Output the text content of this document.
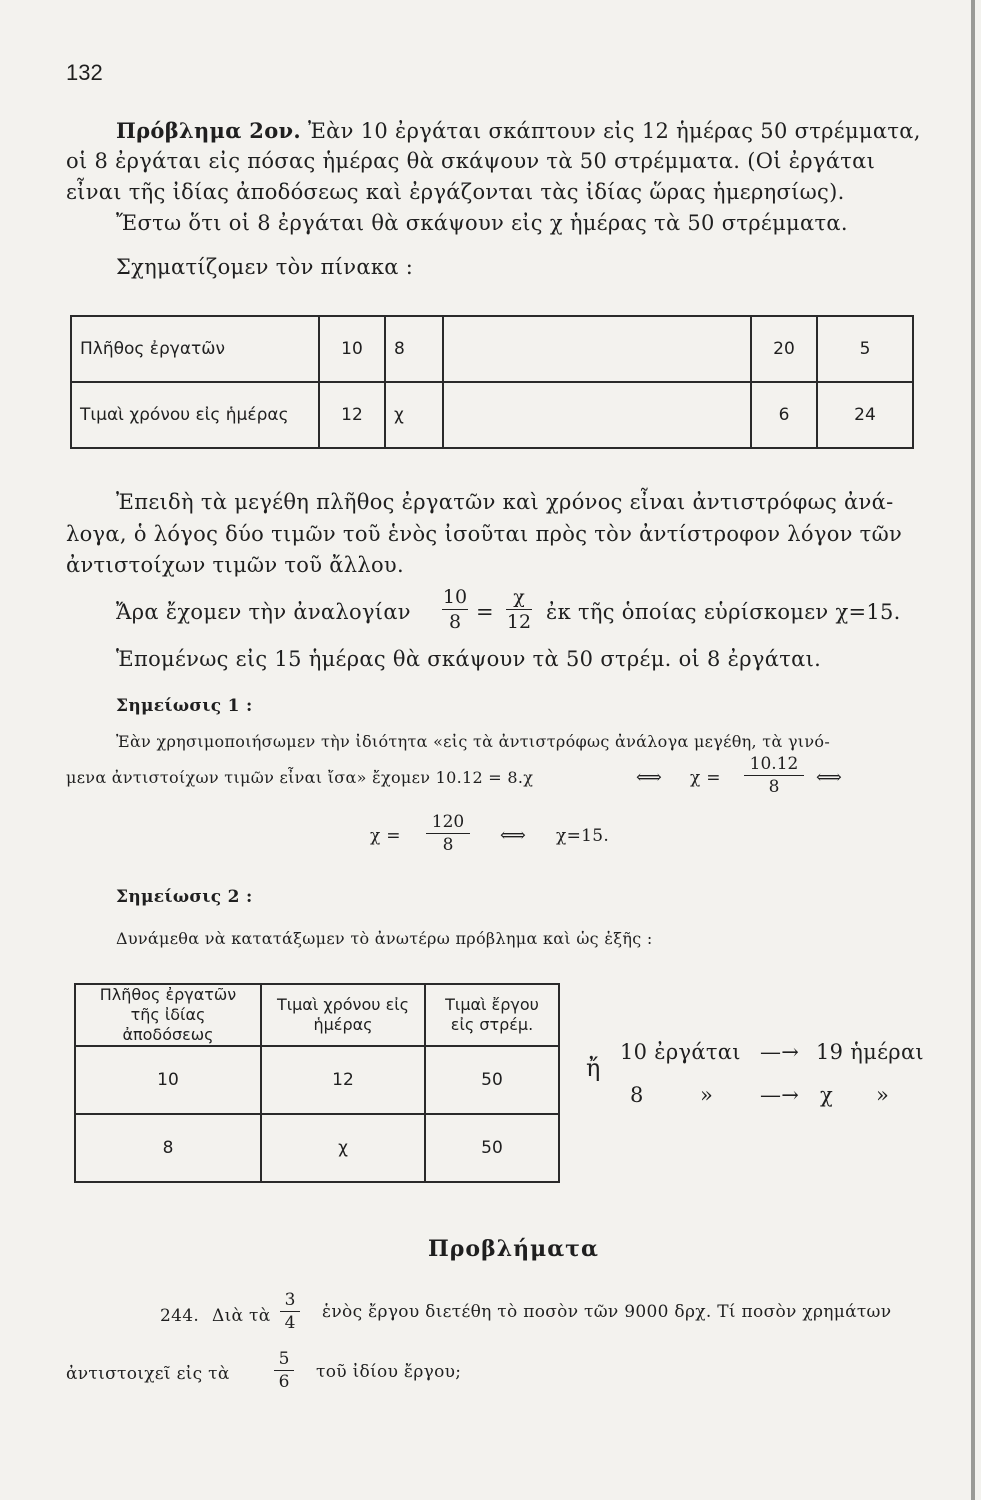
132
Πρόβλημα 2ον. Ἐὰν 10 ἐργάται σκάπτουν εἰς 12 ἡμέρας 50 στρέμματα,
οἱ 8 ἐργάται εἰς πόσας ἡμέρας θὰ σκάψουν τὰ 50 στρέμματα. (Οἱ ἐργάται
εἶναι τῆς ἰδίας ἀποδόσεως καὶ ἐργάζονται τὰς ἰδίας ὥρας ἡμερησίως).
Ἔστω ὅτι οἱ 8 ἐργάται θὰ σκάψουν εἰς χ ἡμέρας τὰ 50 στρέμματα.
Σχηματίζομεν τὸν πίνακα :
Πλῆθος ἐργατῶν	10	8		20	5
Τιμαὶ χρόνου εἰς ἡμέρας	12	χ		6	24
Ἐπειδὴ τὰ μεγέθη πλῆθος ἐργατῶν καὶ χρόνος εἶναι ἀντιστρόφως ἀνά-
λογα, ὁ λόγος δύο τιμῶν τοῦ ἑνὸς ἰσοῦται πρὸς τὸν ἀντίστροφον λόγον τῶν
ἀντιστοίχων τιμῶν τοῦ ἄλλου.
Ἄρα ἔχομεν τὴν ἀναλογίαν
10
8 =
χ
12 ἐκ τῆς ὁποίας εὑρίσκομεν χ=15.
Ἑπομένως εἰς 15 ἡμέρας θὰ σκάψουν τὰ 50 στρέμ. οἱ 8 ἐργάται.
Σημείωσις 1 :
Ἐὰν χρησιμοποιήσωμεν τὴν ἰδιότητα «εἰς τὰ ἀντιστρόφως ἀνάλογα μεγέθη, τὰ γινό-
μενα ἀντιστοίχων τιμῶν εἶναι ἴσα» ἔχομεν 10.12 = 8.χ	⟺ χ =
10.12
8	⟺
χ =
120
8	⟺ χ=15.
Σημείωσις 2 :
Δυνάμεθα νὰ κατατάξωμεν τὸ ἀνωτέρω πρόβλημα καὶ ὡς ἑξῆς :
Πλῆθος ἐργατῶν τῆς ἰδίας ἀποδόσεως	Τιμαὶ χρόνου εἰς ἡμέρας	Τιμαὶ ἔργου εἰς στρέμ.
10	12	50
8	χ	50
ἤ
10 ἐργάται —→ 19 ἡμέραι
8	» —→ χ »
Προβλήματα
244. Διὰ τὰ
3
4
ἑνὸς ἔργου διετέθη τὸ ποσὸν τῶν 9000 δρχ. Τί ποσὸν χρημάτων
ἀντιστοιχεῖ εἰς τὰ
5
6 τοῦ ἰδίου ἔργου;
